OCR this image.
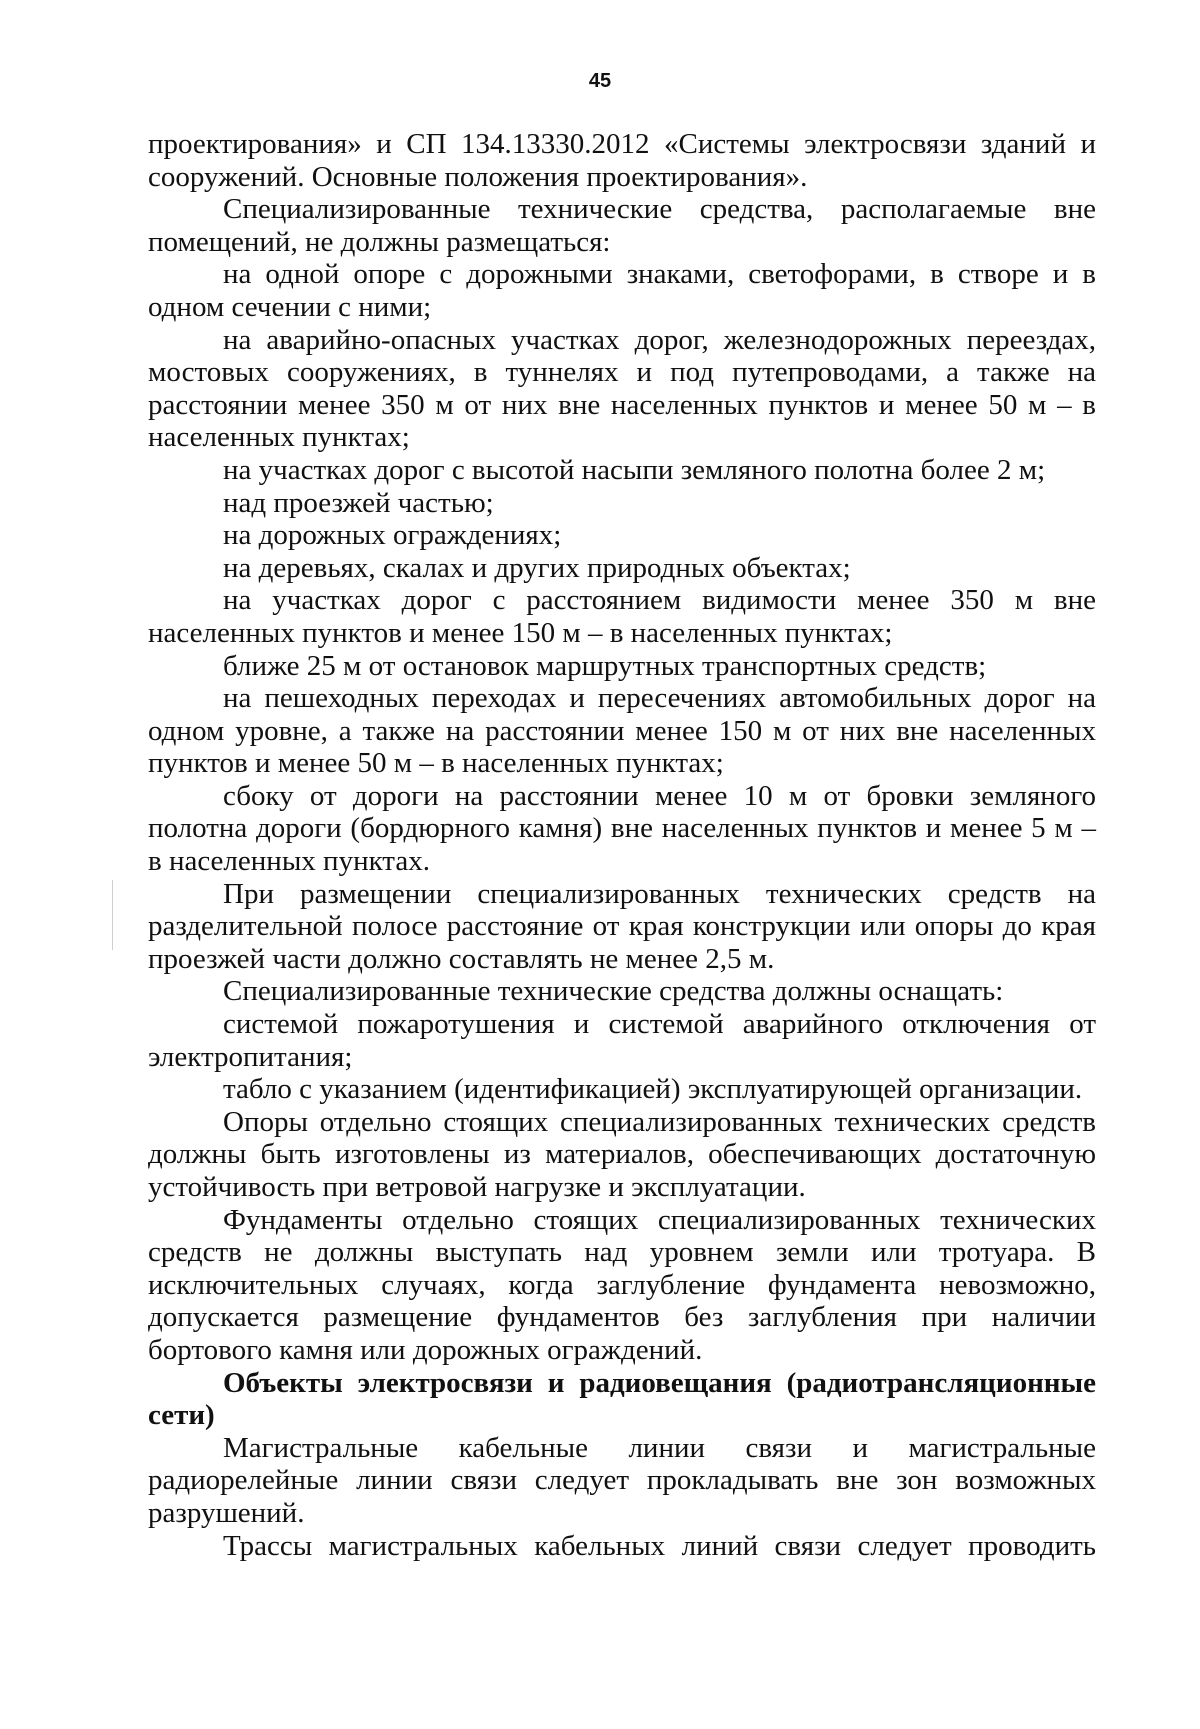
45

проектирования» и СП 134.13330.2012 «Системы электросвязи зданий и сооружений. Основные положения проектирования».

Специализированные технические средства, располагаемые вне помещений, не должны размещаться:

на одной опоре с дорожными знаками, светофорами, в створе и в одном сечении с ними;

на аварийно-опасных участках дорог, железнодорожных переездах, мостовых сооружениях, в туннелях и под путепроводами, а также на расстоянии менее 350 м от них вне населенных пунктов и менее 50 м – в населенных пунктах;

на участках дорог с высотой насыпи земляного полотна более 2 м;

над проезжей частью;

на дорожных ограждениях;

на деревьях, скалах и других природных объектах;

на участках дорог с расстоянием видимости менее 350 м вне населенных пунктов и менее 150 м – в населенных пунктах;

ближе 25 м от остановок маршрутных транспортных средств;

на пешеходных переходах и пересечениях автомобильных дорог на одном уровне, а также на расстоянии менее 150 м от них вне населенных пунктов и менее 50 м – в населенных пунктах;

сбоку от дороги на расстоянии менее 10 м от бровки земляного полотна дороги (бордюрного камня) вне населенных пунктов и менее 5 м – в населенных пунктах.

При размещении специализированных технических средств на разделительной полосе расстояние от края конструкции или опоры до края проезжей части должно составлять не менее 2,5 м.

Специализированные технические средства должны оснащать:

системой пожаротушения и системой аварийного отключения от электропитания;

табло с указанием (идентификацией) эксплуатирующей организации.

Опоры отдельно стоящих специализированных технических средств должны быть изготовлены из материалов, обеспечивающих достаточную устойчивость при ветровой нагрузке и эксплуатации.

Фундаменты отдельно стоящих специализированных технических средств не должны выступать над уровнем земли или тротуара. В исключительных случаях, когда заглубление фундамента невозможно, допускается размещение фундаментов без заглубления при наличии бортового камня или дорожных ограждений.

Объекты электросвязи и радиовещания (радиотрансляционные сети)

Магистральные кабельные линии связи и магистральные радиорелейные линии связи следует прокладывать вне зон возможных разрушений.

Трассы магистральных кабельных линий связи следует проводить
